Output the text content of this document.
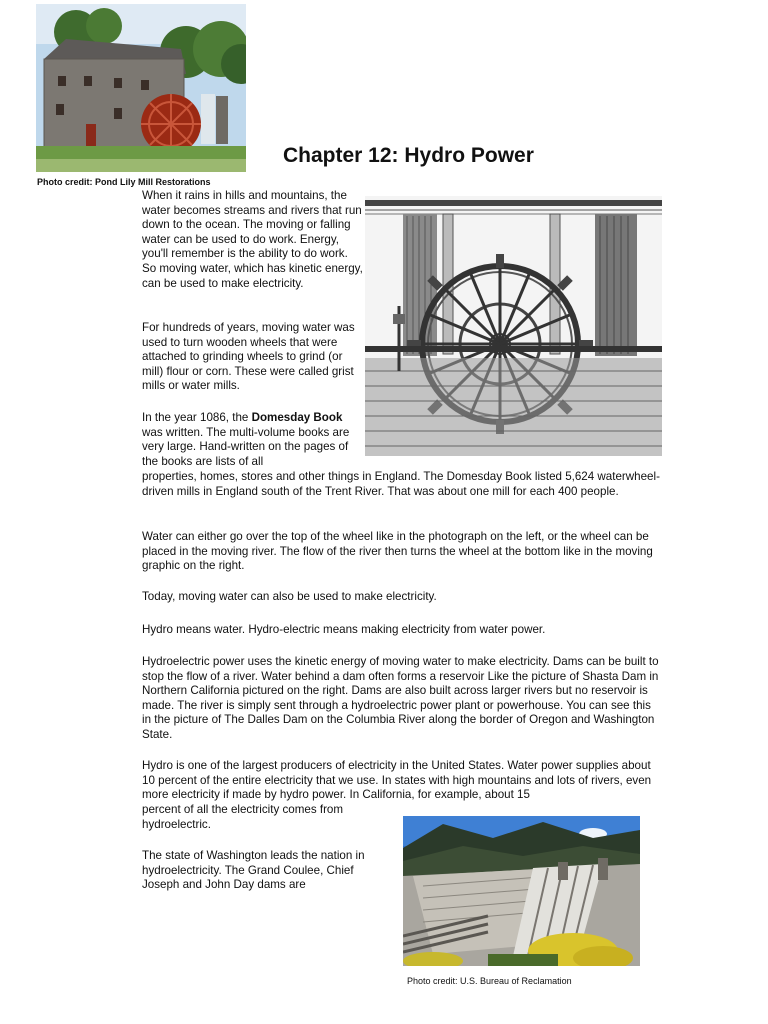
Photo credit: Pond Lily Mill Restorations
Chapter 12: Hydro Power

When it rains in hills and mountains, the water becomes streams and rivers that run down to the ocean. The moving or falling water can be used to do work. Energy, you'll remember is the ability to do work. So moving water, which has kinetic energy, can be used to make electricity.

For hundreds of years, moving water was used to turn wooden wheels that were attached to grinding wheels to grind (or mill) flour or corn. These were called grist mills or water mills.

In the year 1086, the Domesday Book was written. The multi-volume books are very large. Hand-written on the pages of the books are lists of all

properties, homes, stores and other things in England. The Domesday Book listed 5,624 waterwheel-driven mills in England south of the Trent River. That was about one mill for each 400 people.

Water can either go over the top of the wheel like in the photograph on the left, or the wheel can be placed in the moving river. The flow of the river then turns the wheel at the bottom like in the moving graphic on the right.

Today, moving water can also be used to make electricity.

Hydro means water. Hydro-electric means making electricity from water power.

Hydroelectric power uses the kinetic energy of moving water to make electricity. Dams can be built to stop the flow of a river. Water behind a dam often forms a reservoir Like the picture of Shasta Dam in Northern California pictured on the right. Dams are also built across larger rivers but no reservoir is made. The river is simply sent through a hydroelectric power plant or powerhouse. You can see this in the picture of The Dalles Dam on the Columbia River along the border of Oregon and Washington State.

Hydro is one of the largest producers of electricity in the United States. Water power supplies about 10 percent of the entire electricity that we use. In states with high mountains and lots of rivers, even more electricity if made by hydro power. In California, for example, about 15

percent of all the electricity comes from hydroelectric.

The state of Washington leads the nation in hydroelectricity. The Grand Coulee, Chief Joseph and John Day dams are

Photo credit: U.S. Bureau of Reclamation
